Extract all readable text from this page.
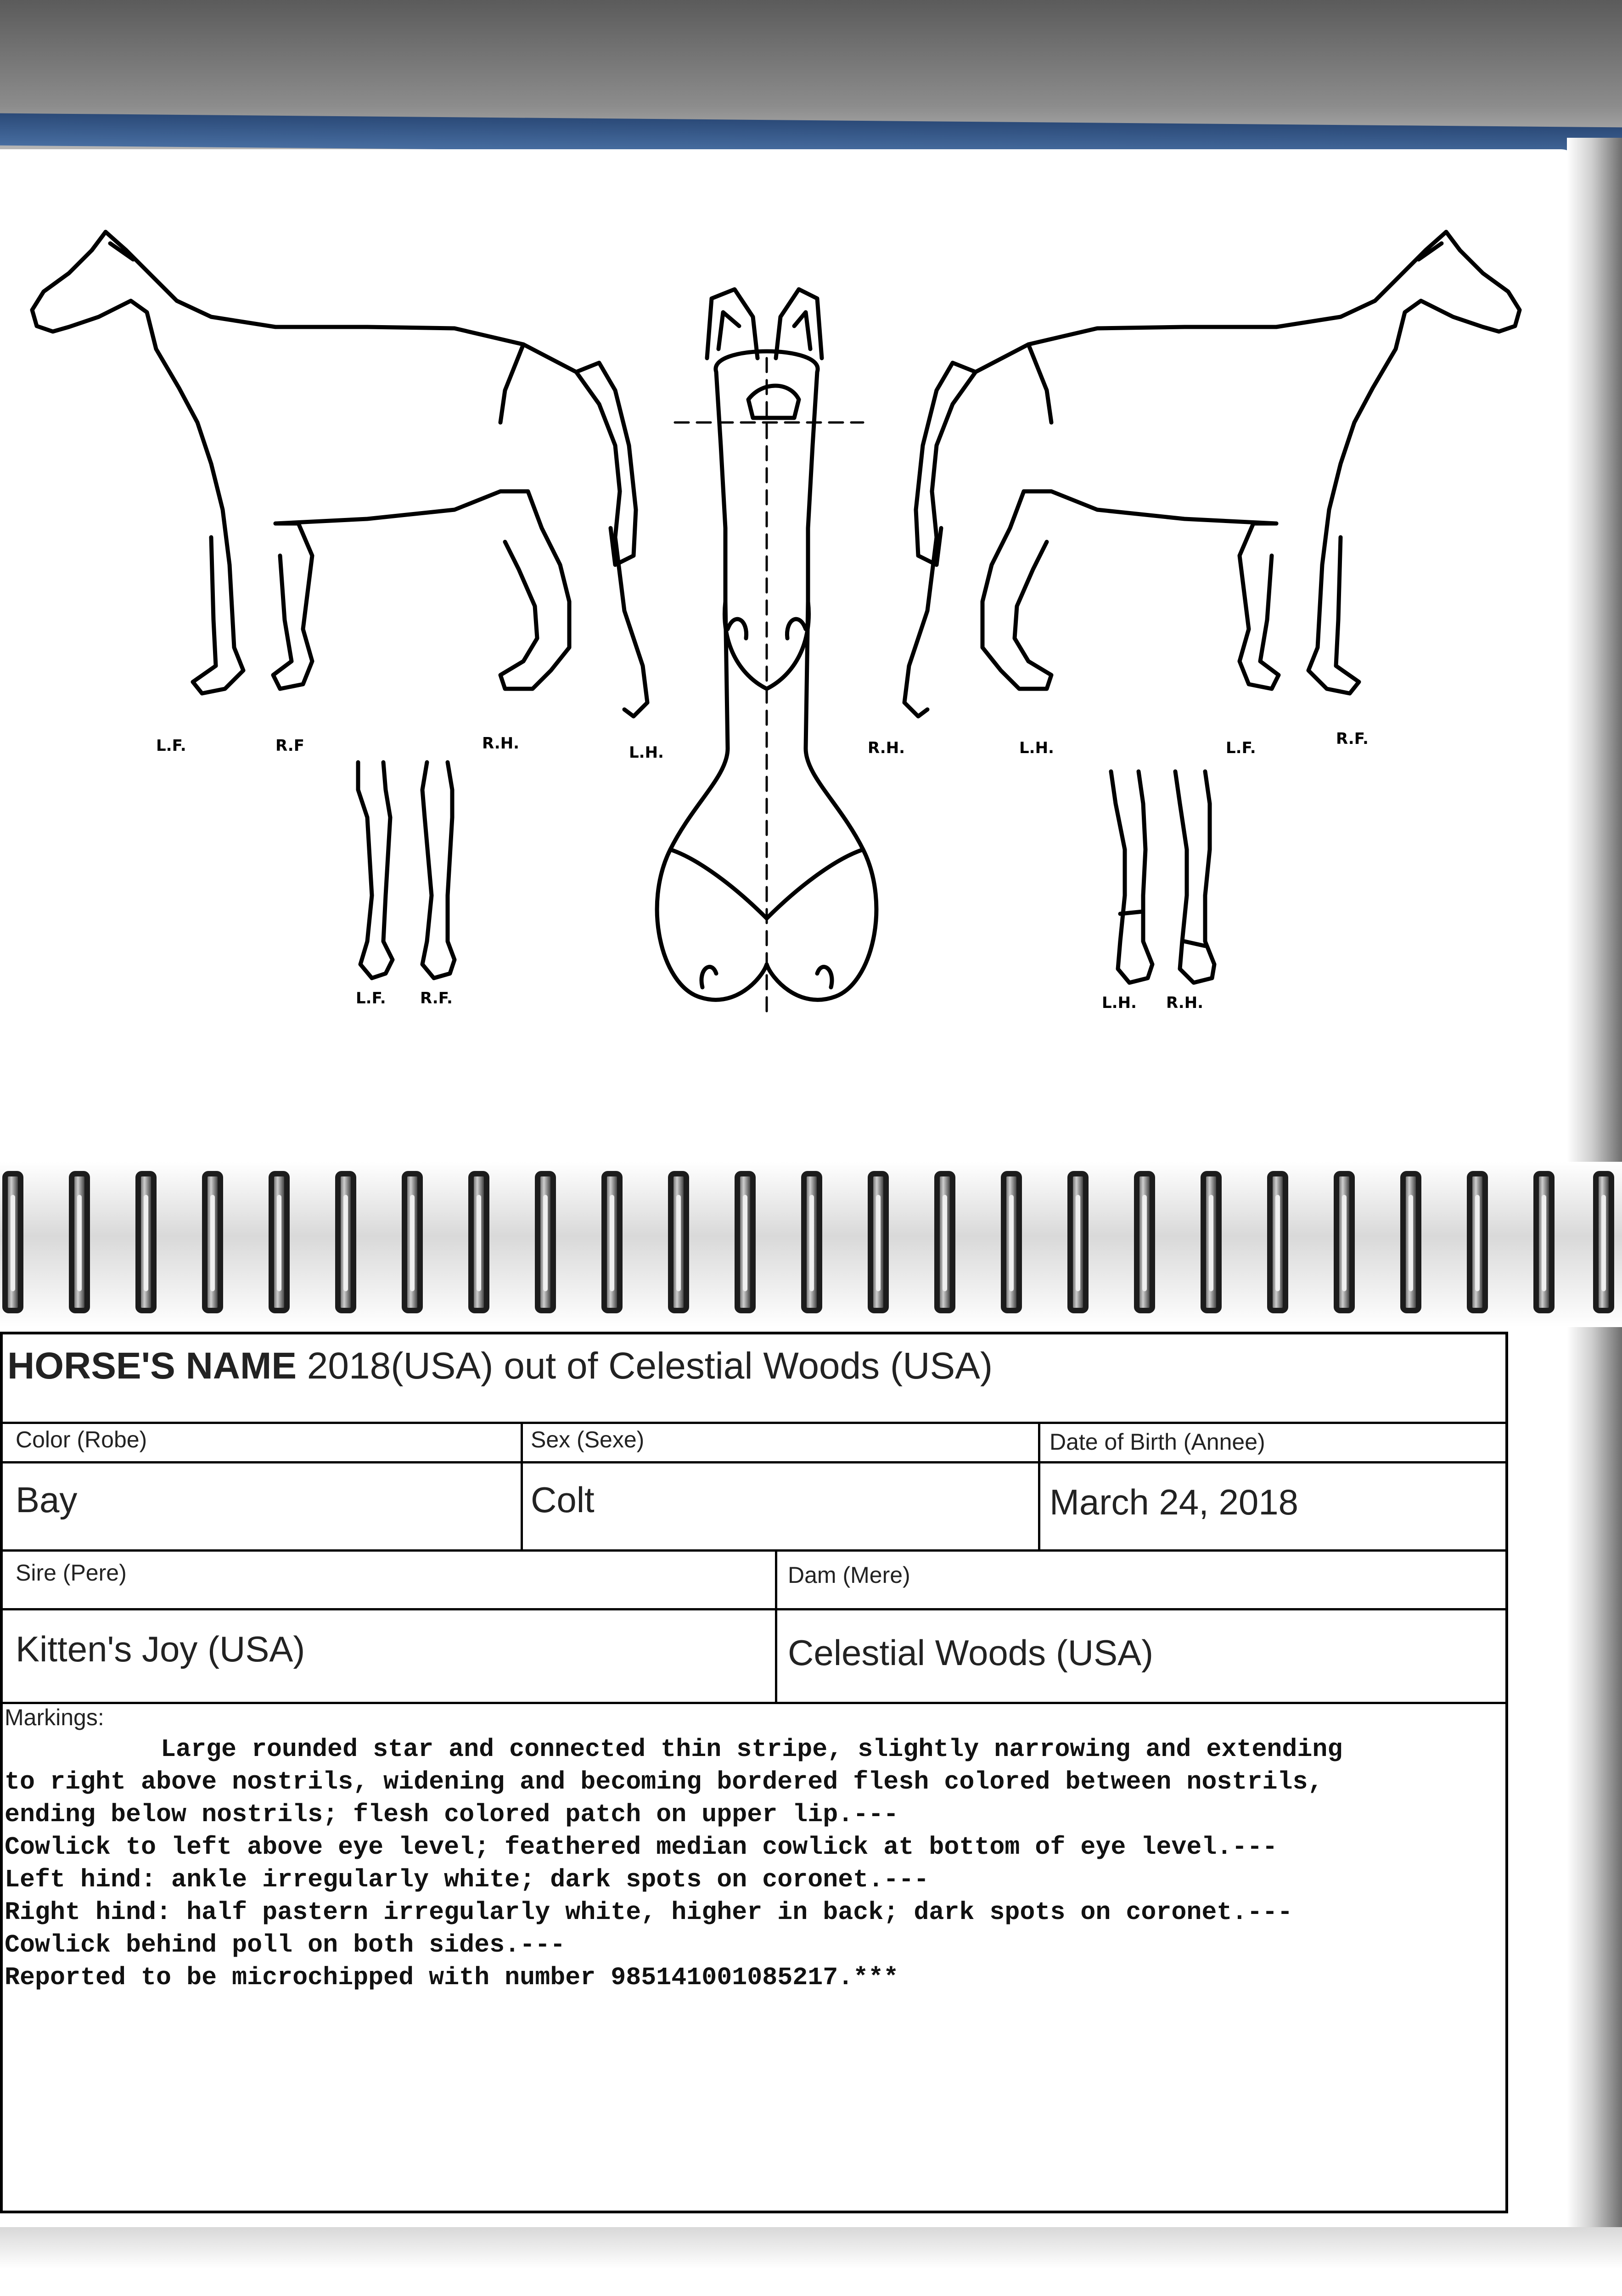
L.F.	R.F	R.H.	L.H.	R.H.	L.H.	L.F.	R.F.
L.F. R.F.	L.H. R.H.
HORSE'S NAME 2018(USA) out of Celestial Woods (USA)
Color (Robe)	Sex (Sexe)	Date of Birth (Annee)
Bay	Colt	March 24, 2018
Sire (Pere)	Dam (Mere)
Kitten's Joy (USA)	Celestial Woods (USA)
Markings:
Large rounded star and connected thin stripe, slightly narrowing and extending
to right above nostrils, widening and becoming bordered flesh colored between nostrils,
ending below nostrils; flesh colored patch on upper lip.---
Cowlick to left above eye level; feathered median cowlick at bottom of eye level.---
Left hind: ankle irregularly white; dark spots on coronet.---
Right hind: half pastern irregularly white, higher in back; dark spots on coronet.---
Cowlick behind poll on both sides.---
Reported to be microchipped with number 985141001085217.***
